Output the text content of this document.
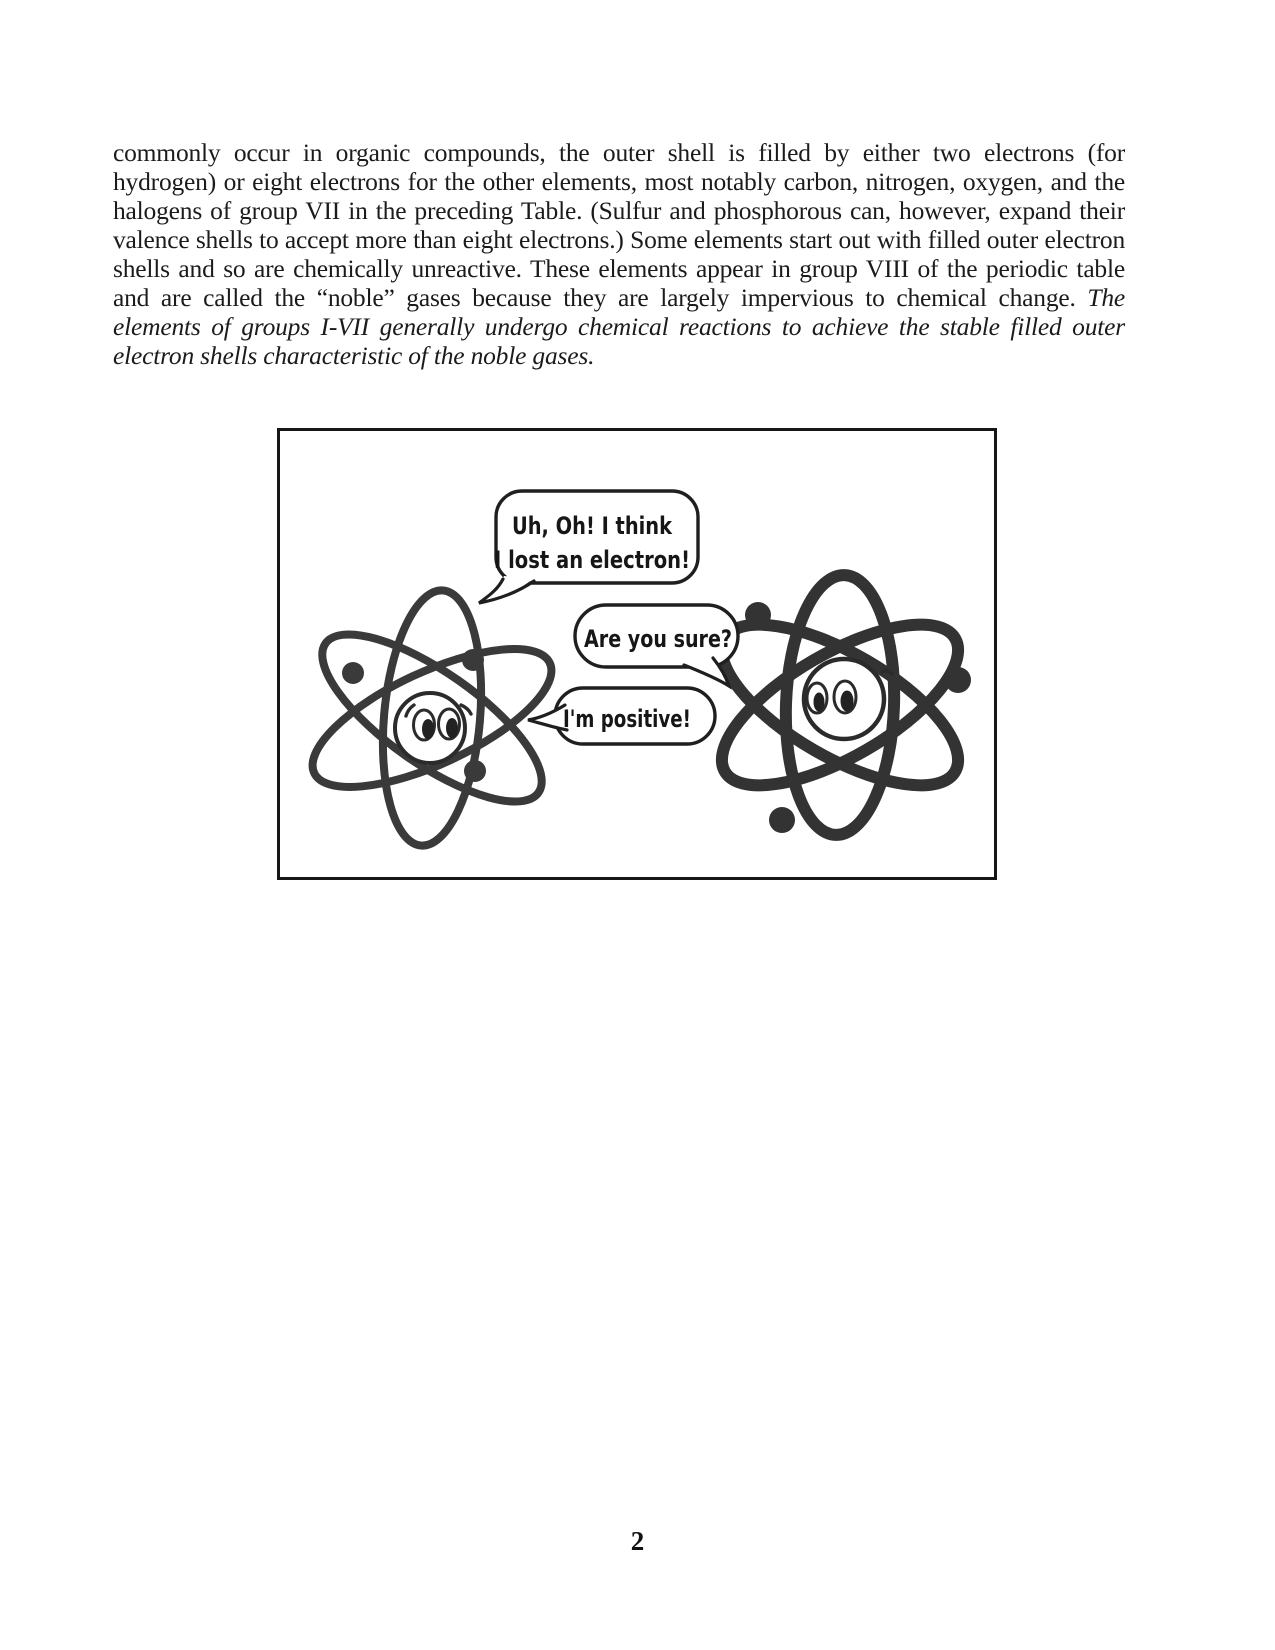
commonly occur in organic compounds, the outer shell is filled by either two electrons (for hydrogen) or eight electrons for the other elements, most notably carbon, nitrogen, oxygen, and the halogens of group VII in the preceding Table. (Sulfur and phosphorous can, however, expand their valence shells to accept more than eight electrons.) Some elements start out with filled outer electron shells and so are chemically unreactive. These elements appear in group VIII of the periodic table and are called the “noble” gases because they are largely impervious to chemical change. The elements of groups I-VII generally undergo chemical reactions to achieve the stable filled outer electron shells characteristic of the noble gases.

Uh, Oh! I think
I lost an electron!
Are you sure?
I'm positive!
2
